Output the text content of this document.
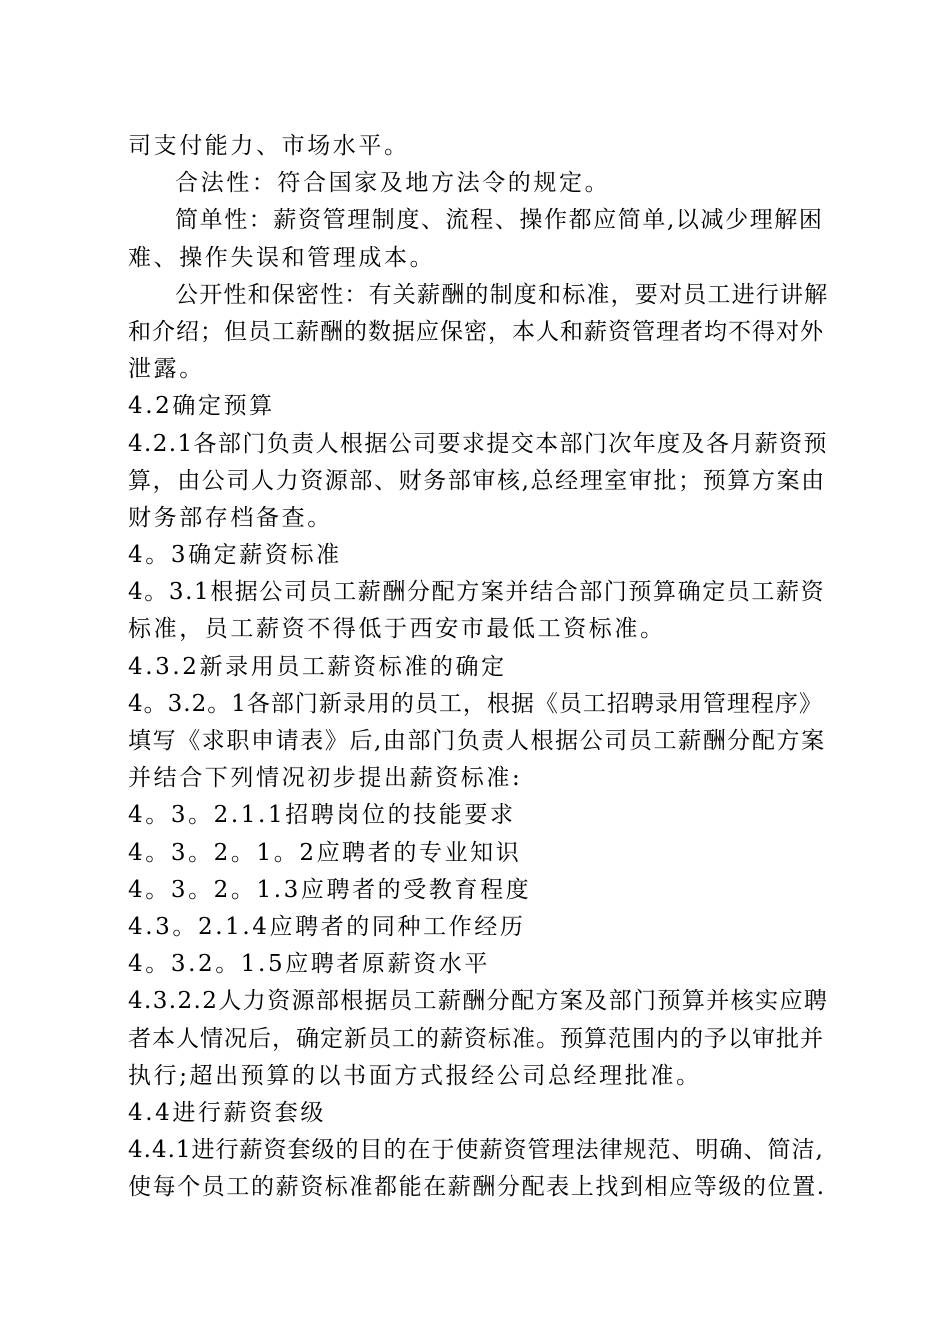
司支付能力、市场水平。
合法性：符合国家及地方法令的规定。
简单性：薪资管理制度、流程、操作都应简单,以减少理解困
难、操作失误和管理成本。
公开性和保密性：有关薪酬的制度和标准，要对员工进行讲解
和介绍；但员工薪酬的数据应保密，本人和薪资管理者均不得对外
泄露。
4.2确定预算
4.2.1各部门负责人根据公司要求提交本部门次年度及各月薪资预
算，由公司人力资源部、财务部审核,总经理室审批；预算方案由
财务部存档备查。
4。3确定薪资标准
4。3.1根据公司员工薪酬分配方案并结合部门预算确定员工薪资
标准，员工薪资不得低于西安市最低工资标准。
4.3.2新录用员工薪资标准的确定
4。3.2。1各部门新录用的员工，根据《员工招聘录用管理程序》
填写《求职申请表》后,由部门负责人根据公司员工薪酬分配方案
并结合下列情况初步提出薪资标准:
4。3。2.1.1招聘岗位的技能要求
4。3。2。1。2应聘者的专业知识
4。3。2。1.3应聘者的受教育程度
4.3。2.1.4应聘者的同种工作经历
4。3.2。1.5应聘者原薪资水平
4.3.2.2人力资源部根据员工薪酬分配方案及部门预算并核实应聘
者本人情况后，确定新员工的薪资标准。预算范围内的予以审批并
执行;超出预算的以书面方式报经公司总经理批准。
4.4进行薪资套级
4.4.1进行薪资套级的目的在于使薪资管理法律规范、明确、简洁,
使每个员工的薪资标准都能在薪酬分配表上找到相应等级的位置.
